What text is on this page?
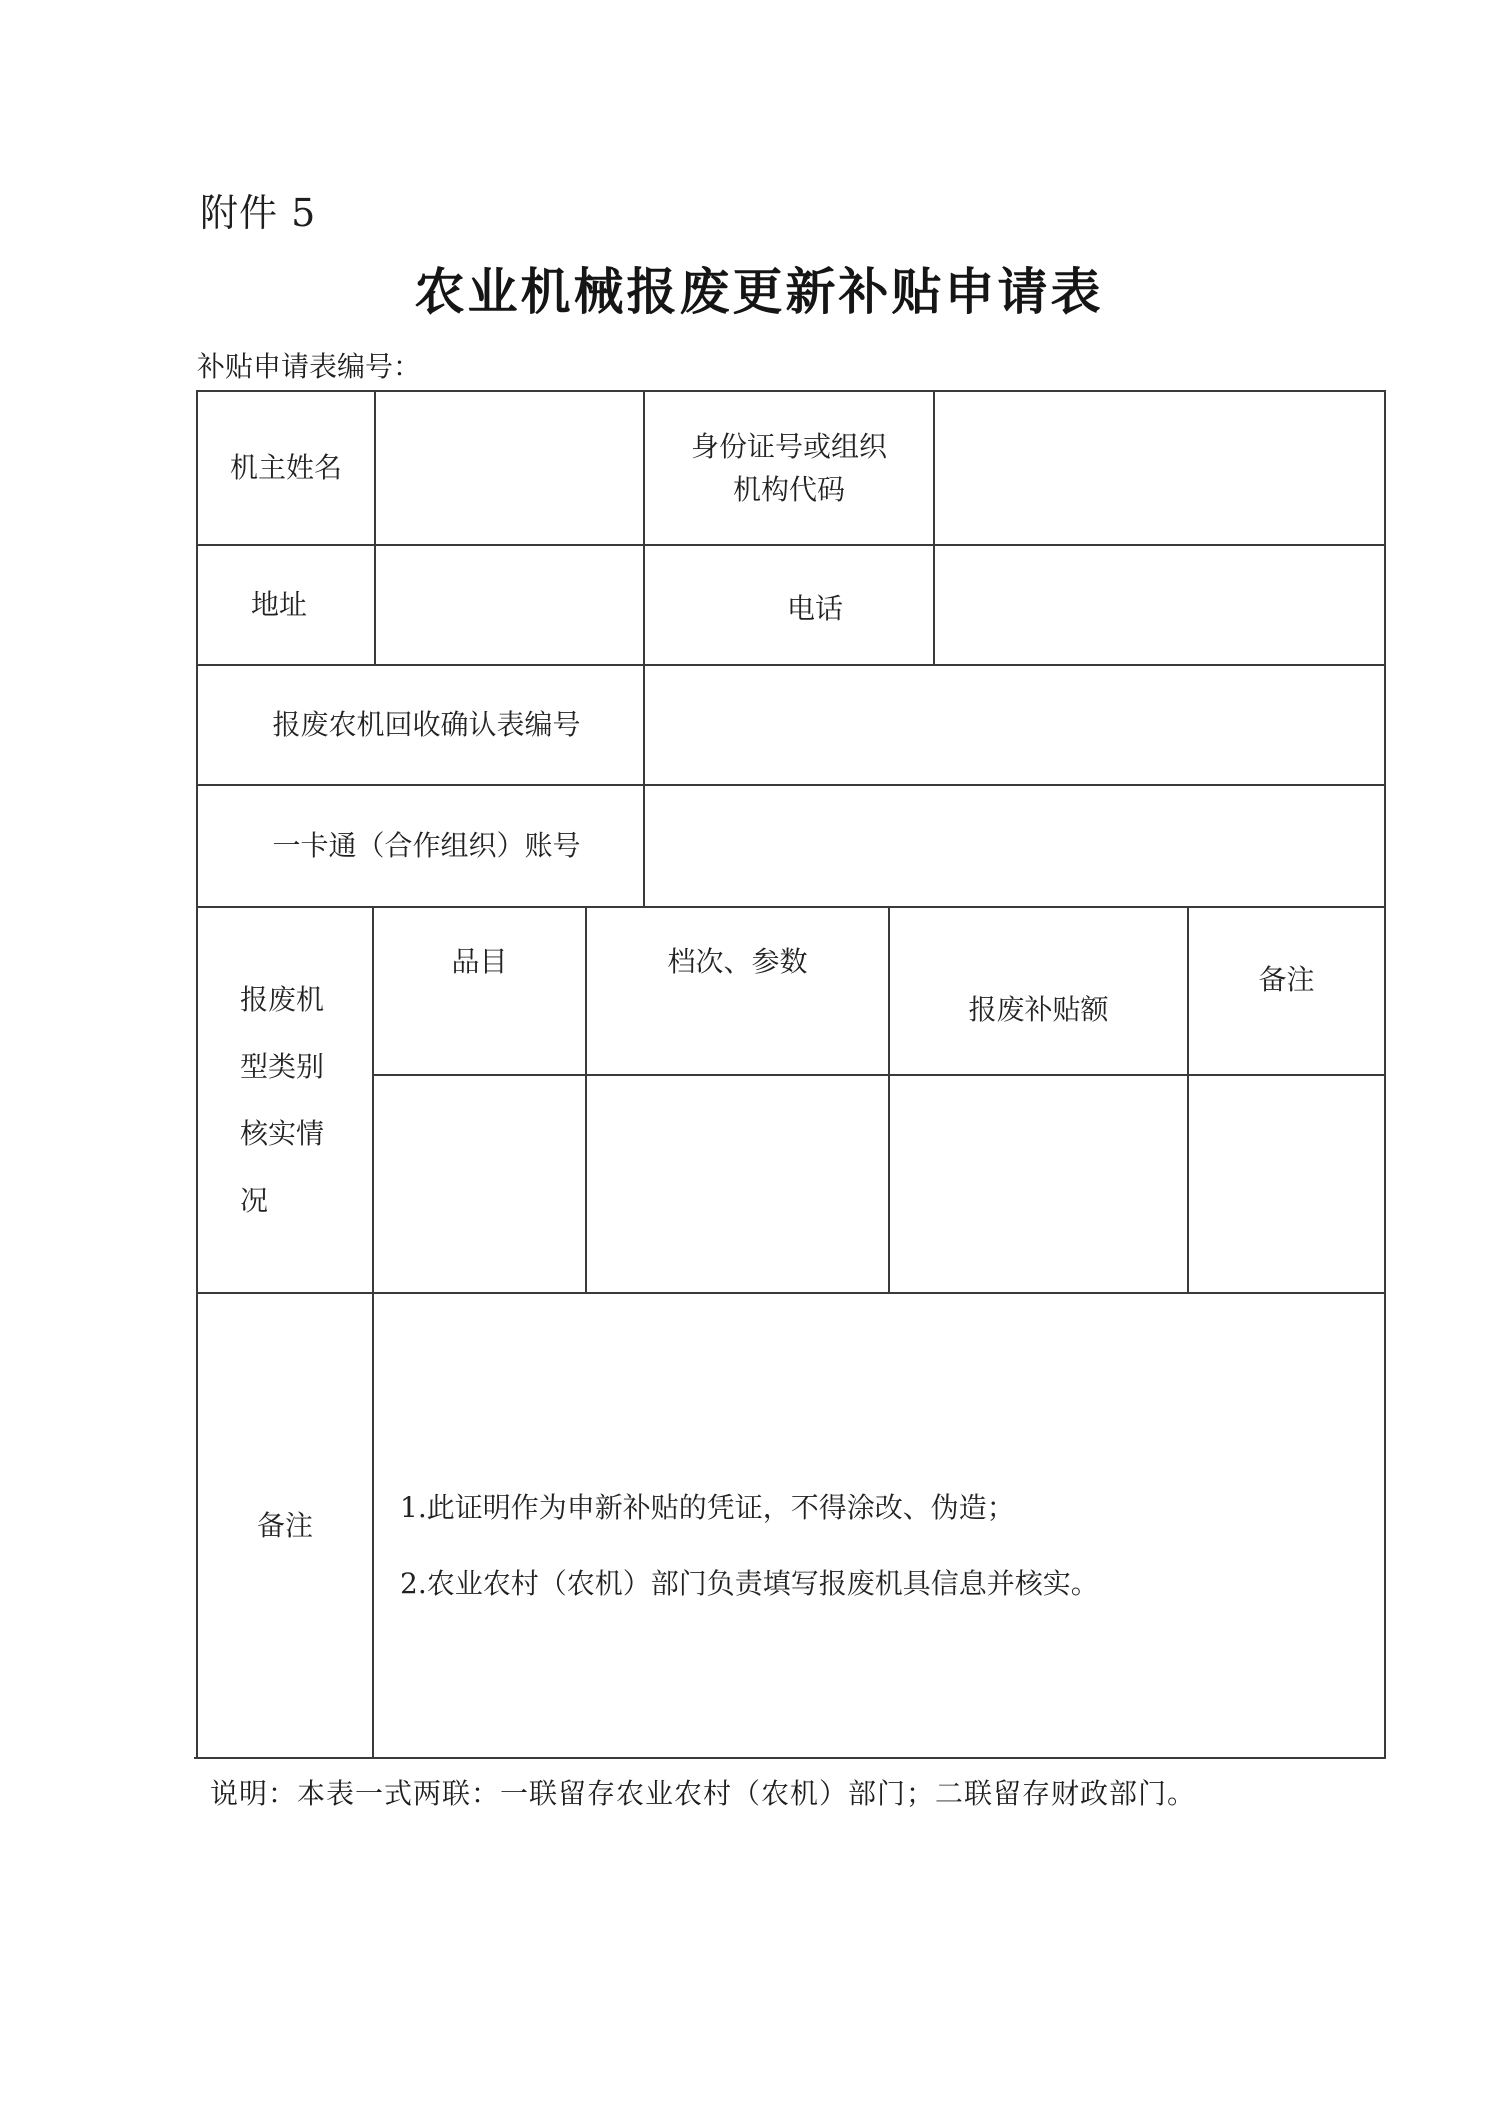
附件 5
农业机械报废更新补贴申请表
补贴申请表编号：
机主姓名
身份证号或组织机构代码
地址	电话
报废农机回收确认表编号
一卡通（合作组织）账号
报废机型类别核实情况
品目	档次、参数
报废补贴额
备注
备注
1.此证明作为申新补贴的凭证，不得涂改、伪造；
2.农业农村（农机）部门负责填写报废机具信息并核实。
说明：本表一式两联：一联留存农业农村（农机）部门；二联留存财政部门。
